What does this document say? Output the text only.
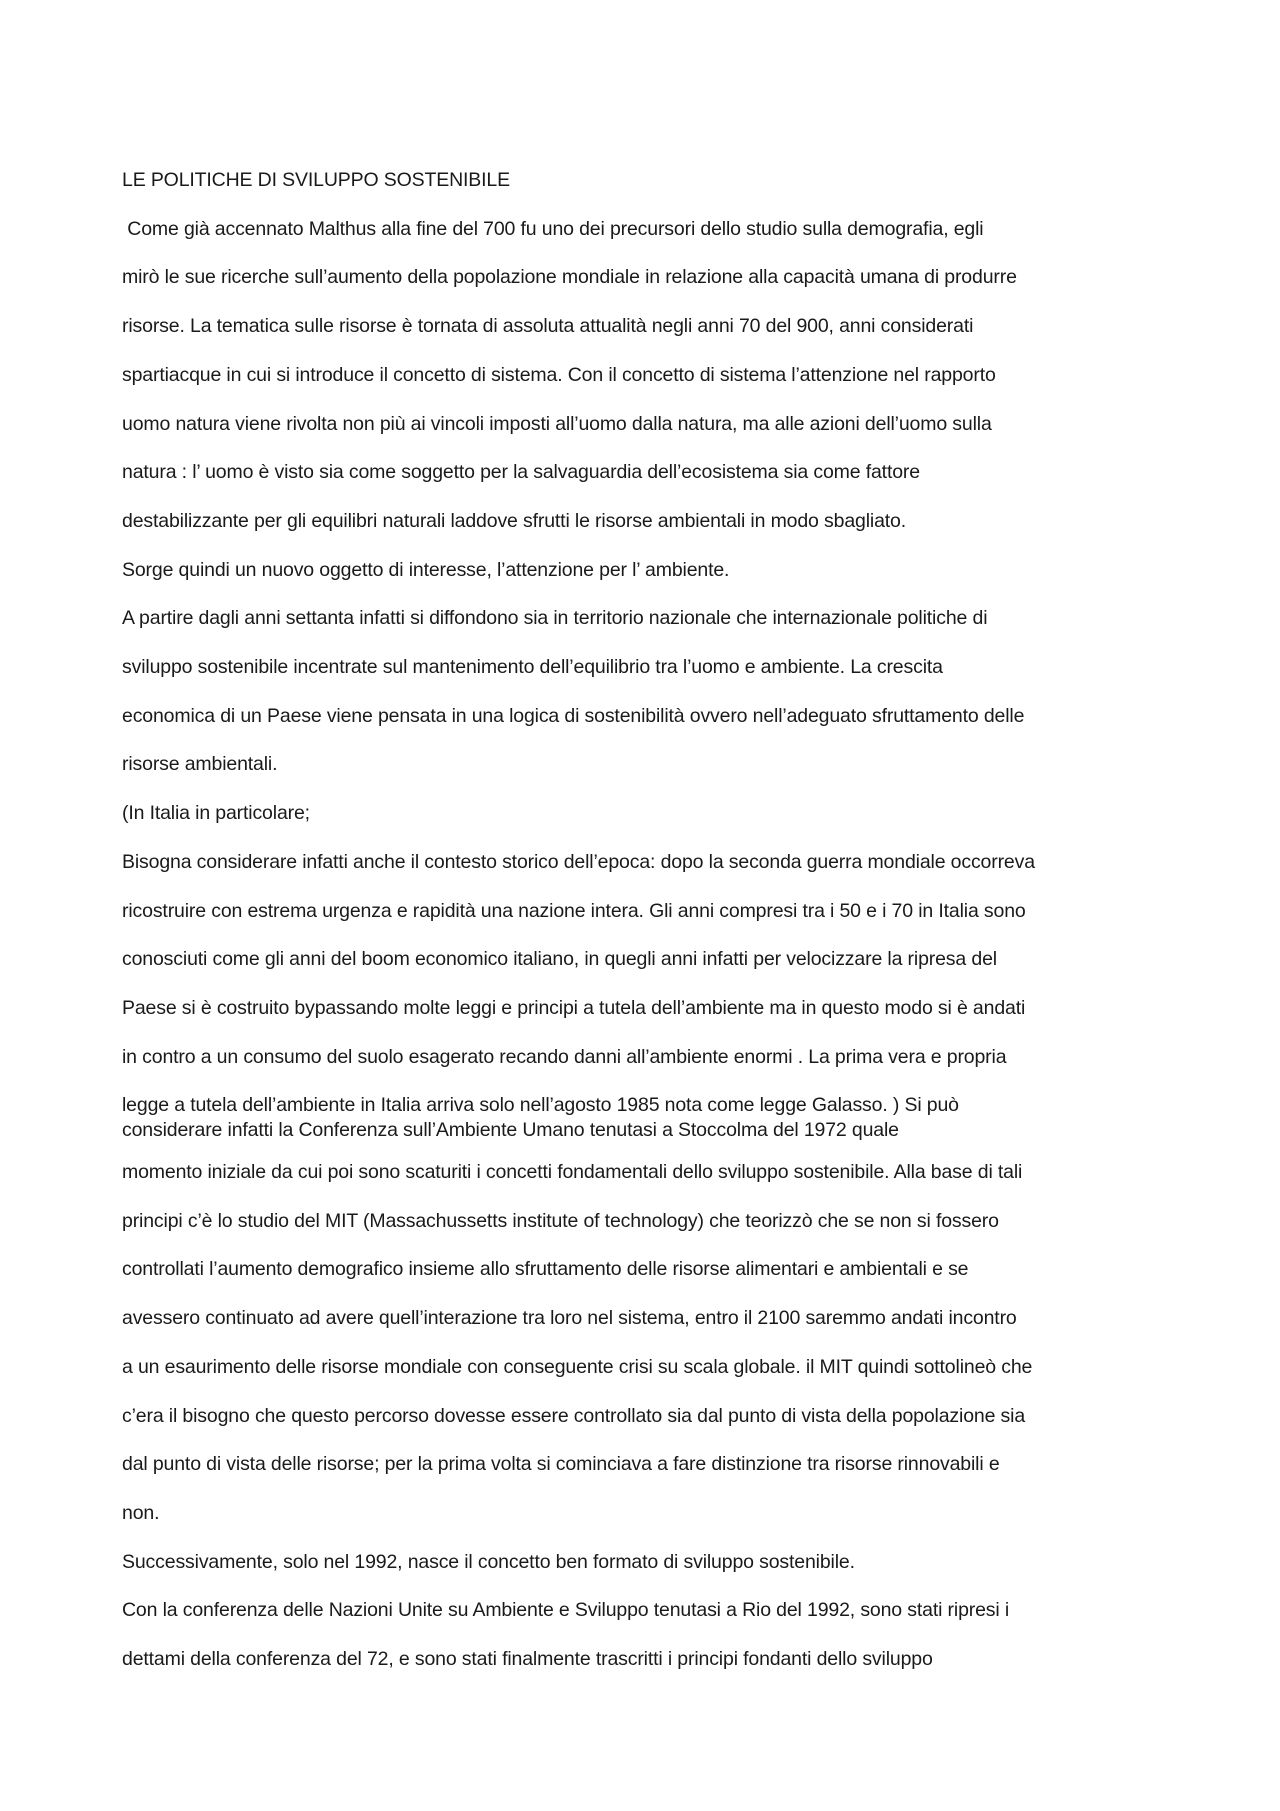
LE POLITICHE DI SVILUPPO SOSTENIBILE
Come già accennato Malthus alla fine del 700 fu uno dei precursori dello studio sulla demografia, egli
mirò le sue ricerche sull’aumento della popolazione mondiale in relazione alla capacità umana di produrre
risorse. La tematica sulle risorse è tornata di assoluta attualità negli anni 70 del 900, anni considerati
spartiacque in cui si introduce il concetto di sistema. Con il concetto di sistema l’attenzione nel rapporto
uomo natura viene rivolta non più ai vincoli imposti all’uomo dalla natura, ma alle azioni dell’uomo sulla
natura : l’ uomo è visto sia come soggetto per la salvaguardia dell’ecosistema sia come fattore
destabilizzante per gli equilibri naturali laddove sfrutti le risorse ambientali in modo sbagliato.
Sorge quindi un nuovo oggetto di interesse, l’attenzione per l’ ambiente.
A partire dagli anni settanta infatti si diffondono sia in territorio nazionale che internazionale politiche di
sviluppo sostenibile incentrate sul mantenimento dell’equilibrio tra l’uomo e ambiente. La crescita
economica di un Paese viene pensata in una logica di sostenibilità ovvero nell’adeguato sfruttamento delle
risorse ambientali.
(In Italia in particolare;
Bisogna considerare infatti anche il contesto storico dell’epoca: dopo la seconda guerra mondiale occorreva
ricostruire con estrema urgenza e rapidità una nazione intera. Gli anni compresi tra i 50 e i 70 in Italia sono
conosciuti come gli anni del boom economico italiano, in quegli anni infatti per velocizzare la ripresa del
Paese si è costruito bypassando molte leggi e principi a tutela dell’ambiente ma in questo modo si è andati
in contro a un consumo del suolo esagerato recando danni all’ambiente enormi . La prima vera e propria
legge a tutela dell’ambiente in Italia arriva solo nell’agosto 1985 nota come legge Galasso. ) Si può
considerare infatti la Conferenza sull’Ambiente Umano tenutasi a Stoccolma del 1972 quale
momento iniziale da cui poi sono scaturiti i concetti fondamentali dello sviluppo sostenibile. Alla base di tali
principi c’è lo studio del MIT (Massachussetts institute of technology) che teorizzò che se non si fossero
controllati l’aumento demografico insieme allo sfruttamento delle risorse alimentari e ambientali e se
avessero continuato ad avere quell’interazione tra loro nel sistema, entro il 2100 saremmo andati incontro
a un esaurimento delle risorse mondiale con conseguente crisi su scala globale. il MIT quindi sottolineò che
c’era il bisogno che questo percorso dovesse essere controllato sia dal punto di vista della popolazione sia
dal punto di vista delle risorse; per la prima volta si cominciava a fare distinzione tra risorse rinnovabili e
non.
Successivamente, solo nel 1992, nasce il concetto ben formato di sviluppo sostenibile.
Con la conferenza delle Nazioni Unite su Ambiente e Sviluppo tenutasi a Rio del 1992, sono stati ripresi i
dettami della conferenza del 72, e sono stati finalmente trascritti i principi fondanti dello sviluppo
